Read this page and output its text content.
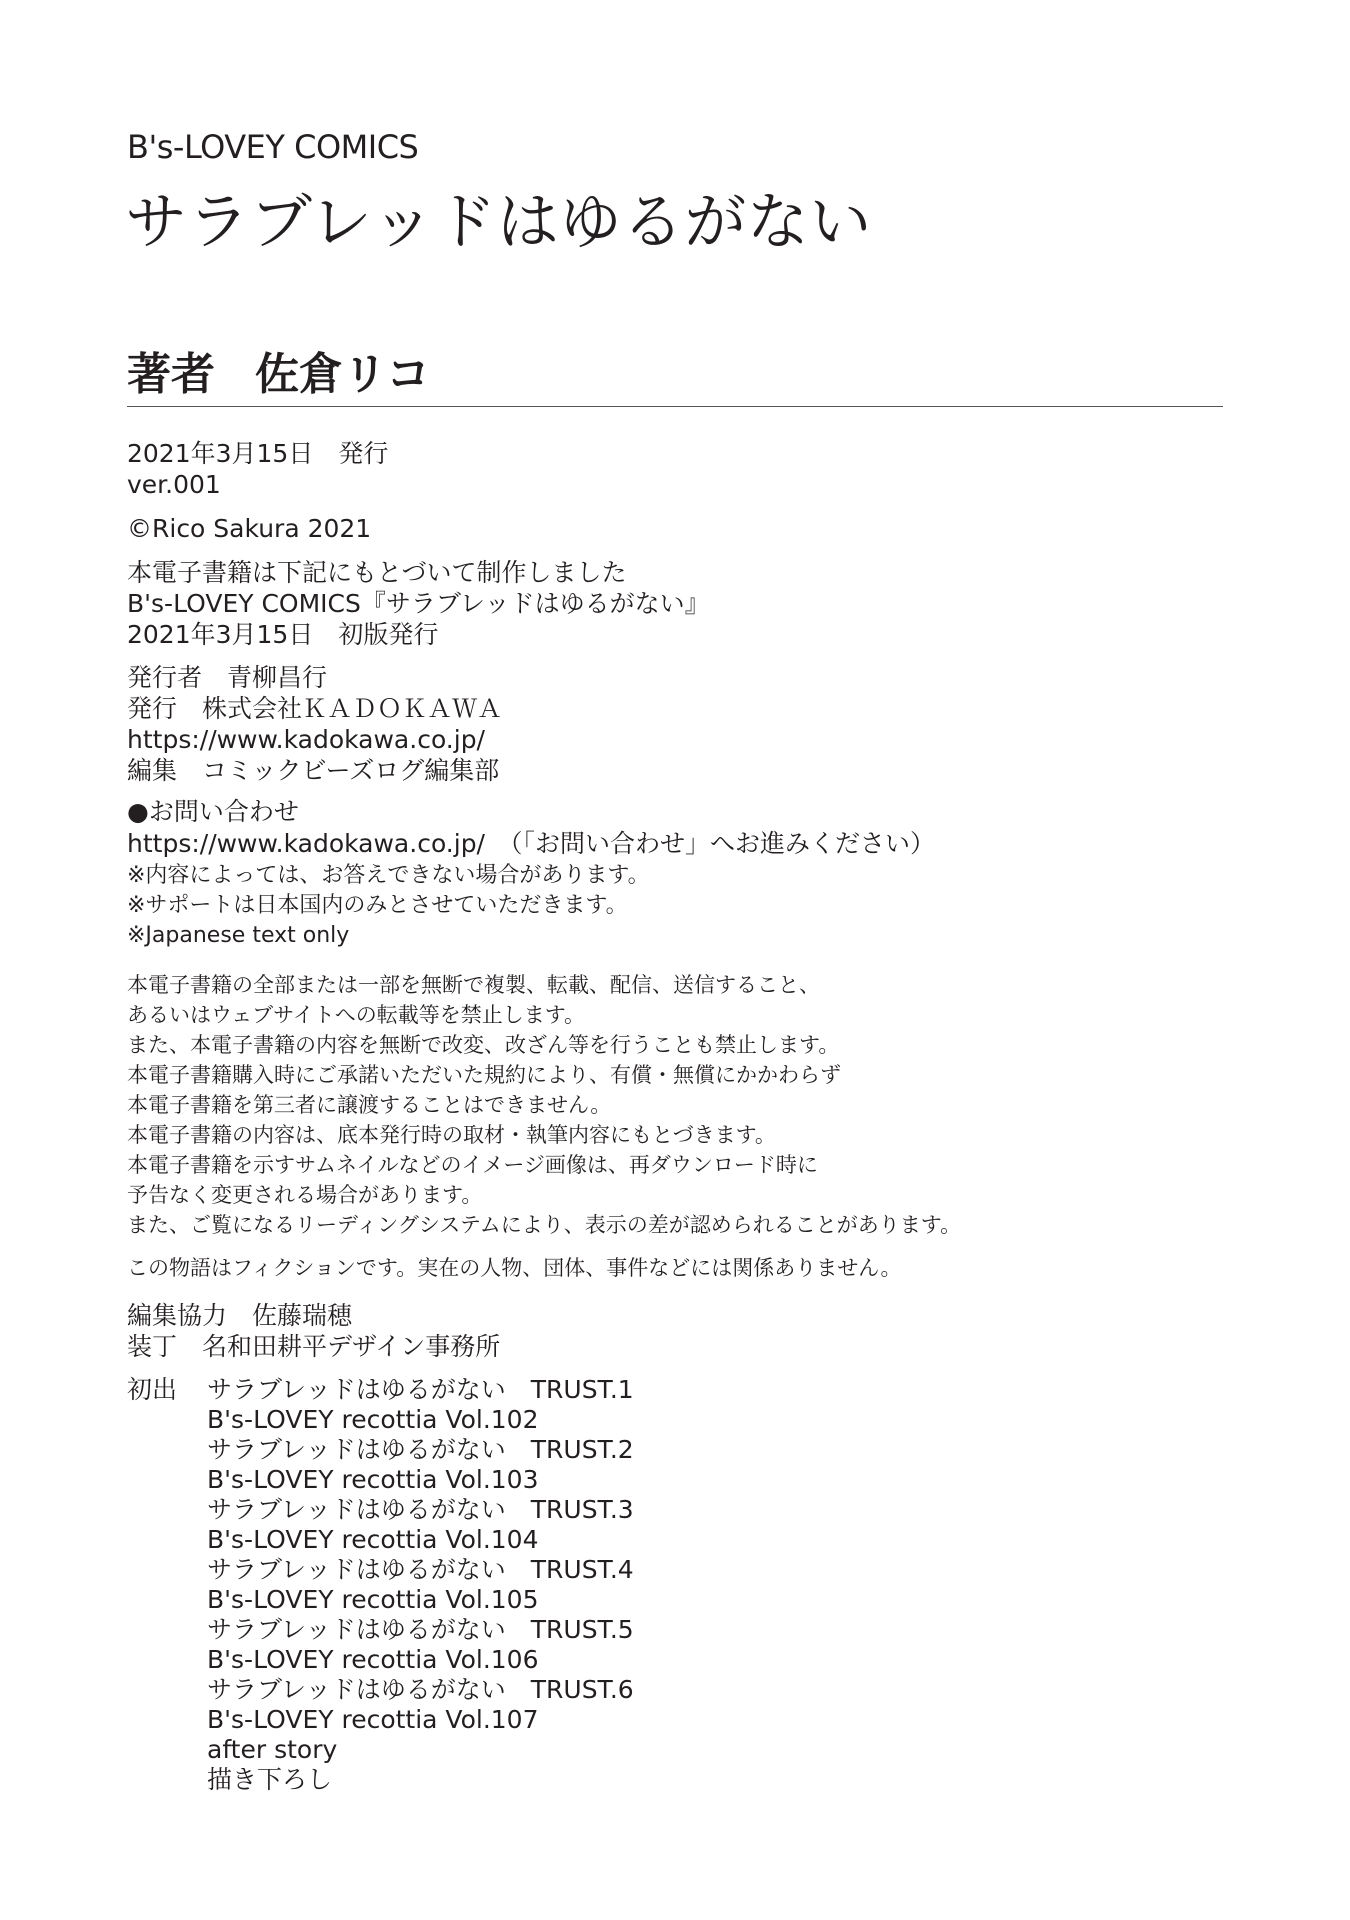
B's-LOVEY COMICS
サラブレッドはゆるがない
著者 佐倉リコ
2021年3月15日　発行
ver.001
©Rico Sakura 2021
本電子書籍は下記にもとづいて制作しました
B's-LOVEY COMICS『サラブレッドはゆるがない』
2021年3月15日　初版発行
発行者　青柳昌行
発行　株式会社ＫＡＤＯＫＡＷＡ
https://www.kadokawa.co.jp/
編集　コミックビーズログ編集部
●お問い合わせ
https://www.kadokawa.co.jp/　（「お問い合わせ」へお進みください）
※内容によっては、お答えできない場合があります。
※サポートは日本国内のみとさせていただきます。
※Japanese text only
本電子書籍の全部または一部を無断で複製、転載、配信、送信すること、
あるいはウェブサイトへの転載等を禁止します。
また、本電子書籍の内容を無断で改変、改ざん等を行うことも禁止します。
本電子書籍購入時にご承諾いただいた規約により、有償・無償にかかわらず
本電子書籍を第三者に譲渡することはできません。
本電子書籍の内容は、底本発行時の取材・執筆内容にもとづきます。
本電子書籍を示すサムネイルなどのイメージ画像は、再ダウンロード時に
予告なく変更される場合があります。
また、ご覧になるリーディングシステムにより、表示の差が認められることがあります。
この物語はフィクションです。実在の人物、団体、事件などには関係ありません。
編集協力　佐藤瑞穂
装丁　名和田耕平デザイン事務所
初出 サラブレッドはゆるがない　TRUST.1
B's-LOVEY recottia Vol.102
サラブレッドはゆるがない　TRUST.2
B's-LOVEY recottia Vol.103
サラブレッドはゆるがない　TRUST.3
B's-LOVEY recottia Vol.104
サラブレッドはゆるがない　TRUST.4
B's-LOVEY recottia Vol.105
サラブレッドはゆるがない　TRUST.5
B's-LOVEY recottia Vol.106
サラブレッドはゆるがない　TRUST.6
B's-LOVEY recottia Vol.107
after story
描き下ろし
